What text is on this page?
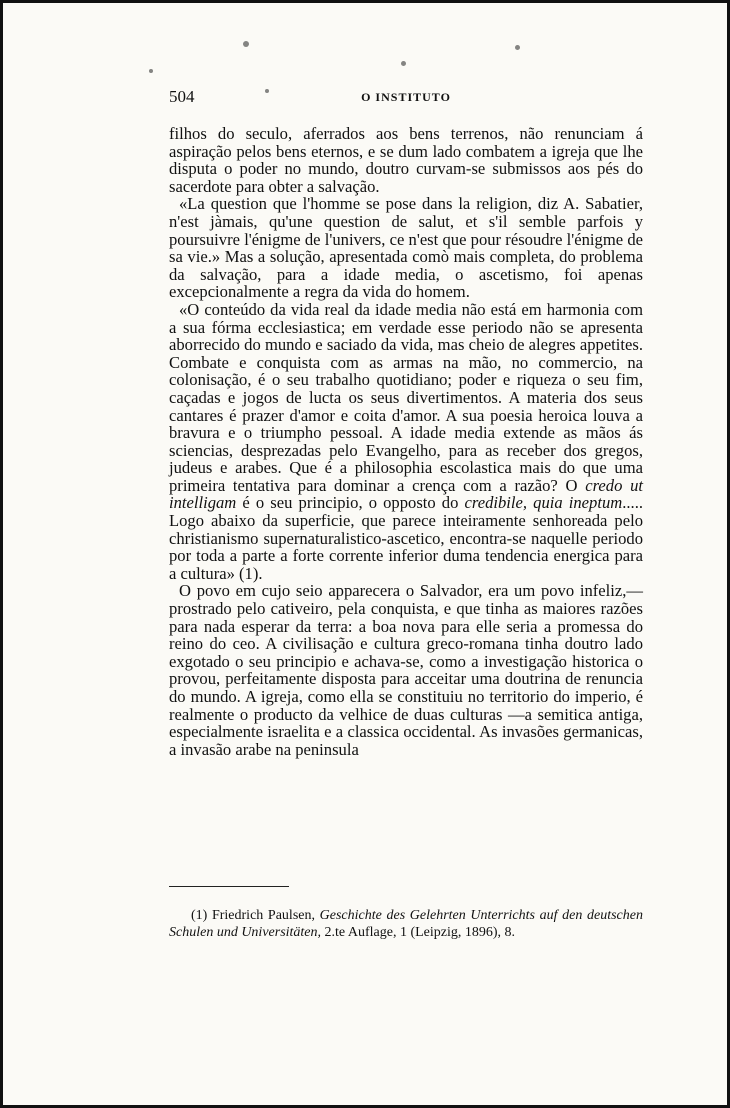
504	O INSTITUTO

filhos do seculo, aferrados aos bens terrenos, não renunciam á aspiração pelos bens eternos, e se dum lado combatem a igreja que lhe disputa o poder no mundo, doutro curvam-se submissos aos pés do sacerdote para obter a salvação.

«La question que l'homme se pose dans la religion, diz A. Sabatier, n'est jàmais, qu'une question de salut, et s'il semble parfois y poursuivre l'énigme de l'univers, ce n'est que pour résoudre l'énigme de sa vie.» Mas a solução, apresentada comò mais completa, do problema da salvação, para a idade media, o ascetismo, foi apenas excepcionalmente a regra da vida do homem.

«O conteúdo da vida real da idade media não está em harmonia com a sua fórma ecclesiastica; em verdade esse periodo não se apresenta aborrecido do mundo e saciado da vida, mas cheio de alegres appetites. Combate e conquista com as armas na mão, no commercio, na colonisação, é o seu trabalho quotidiano; poder e riqueza o seu fim, caçadas e jogos de lucta os seus divertimentos. A materia dos seus cantares é prazer d'amor e coita d'amor. A sua poesia heroica louva a bravura e o triumpho pessoal. A idade media extende as mãos ás sciencias, desprezadas pelo Evangelho, para as receber dos gregos, judeus e arabes. Que é a philosophia escolastica mais do que uma primeira tentativa para dominar a crença com a razão? O credo ut intelligam é o seu principio, o opposto do credibile, quia ineptum..... Logo abaixo da superficie, que parece inteiramente senhoreada pelo christianismo supernaturalistico-ascetico, encontra-se naquelle periodo por toda a parte a forte corrente inferior duma tendencia energica para a cultura» (1).

O povo em cujo seio apparecera o Salvador, era um povo infeliz,—prostrado pelo cativeiro, pela conquista, e que tinha as maiores razões para nada esperar da terra: a boa nova para elle seria a promessa do reino do ceo. A civilisação e cultura greco-romana tinha doutro lado exgotado o seu principio e achava-se, como a investigação historica o provou, perfeitamente disposta para acceitar uma doutrina de renuncia do mundo. A igreja, como ella se constituiu no territorio do imperio, é realmente o producto da velhice de duas culturas —a semitica antiga, especialmente israelita e a classica occidental. As invasões germanicas, a invasão arabe na peninsula

(1) Friedrich Paulsen, Geschichte des Gelehrten Unterrichts auf den deutschen Schulen und Universitäten, 2.te Auflage, 1 (Leipzig, 1896), 8.
